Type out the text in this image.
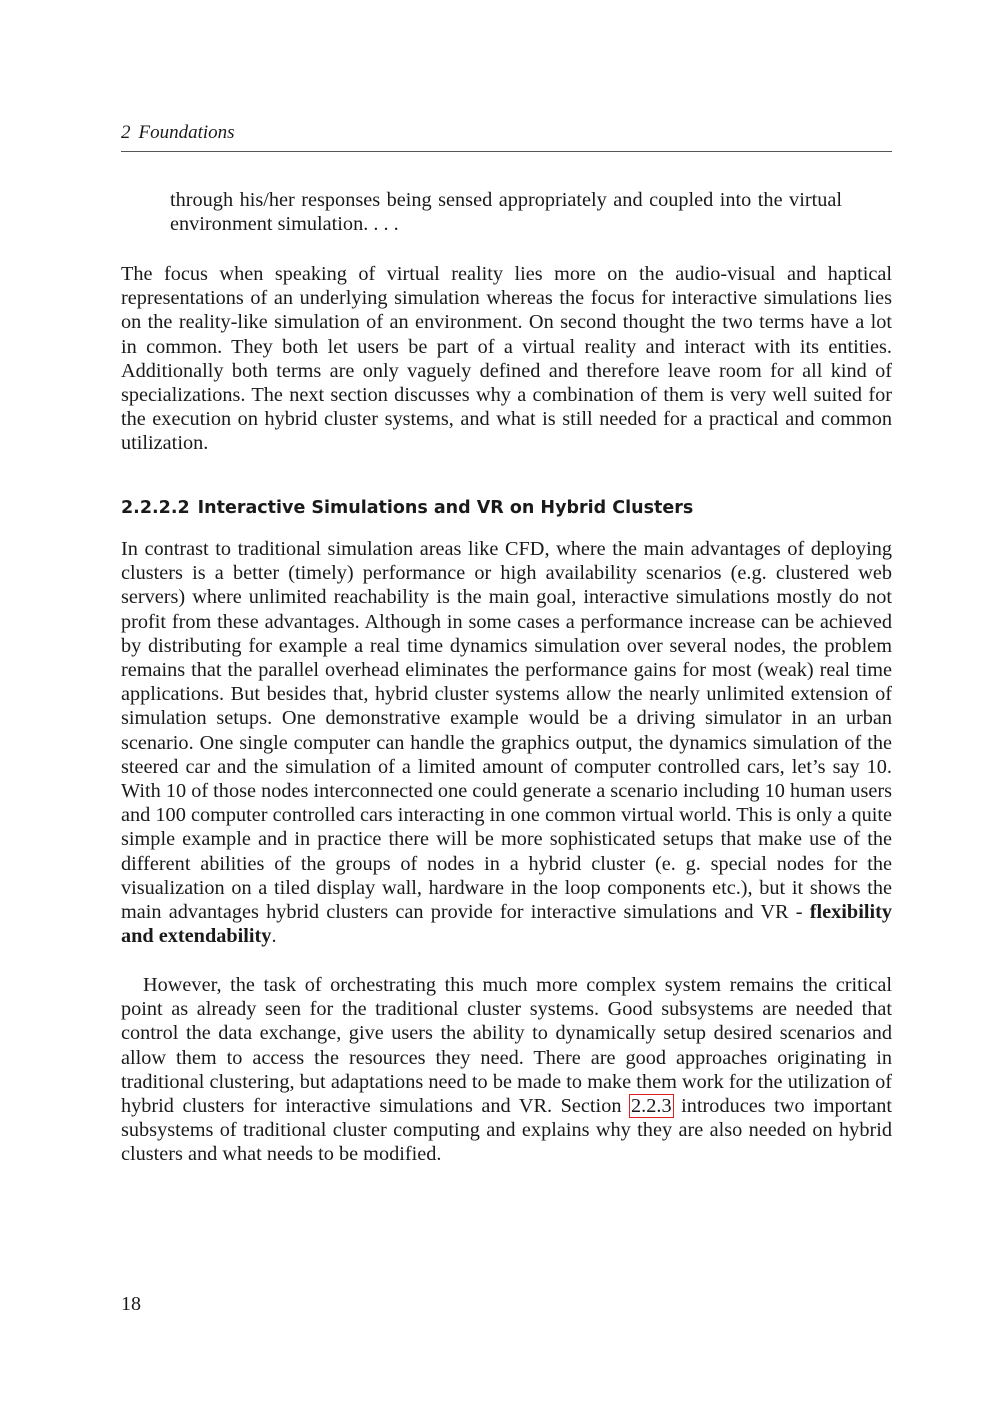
2 Foundations

through his/her responses being sensed appropriately and coupled into the virtual environment simulation. . . .

The focus when speaking of virtual reality lies more on the audio-visual and haptical representations of an underlying simulation whereas the focus for interactive simulations lies on the reality-like simulation of an environment. On second thought the two terms have a lot in common. They both let users be part of a virtual reality and interact with its entities. Additionally both terms are only vaguely defined and therefore leave room for all kind of specializations. The next section discusses why a combination of them is very well suited for the execution on hybrid cluster systems, and what is still needed for a practical and common utilization.

2.2.2.2 Interactive Simulations and VR on Hybrid Clusters

In contrast to traditional simulation areas like CFD, where the main advantages of deploying clusters is a better (timely) performance or high availability scenarios (e.g. clustered web servers) where unlimited reachability is the main goal, interactive simulations mostly do not profit from these advantages. Although in some cases a performance increase can be achieved by distributing for example a real time dynamics simulation over several nodes, the problem remains that the parallel overhead eliminates the performance gains for most (weak) real time applications. But besides that, hybrid cluster systems allow the nearly unlimited extension of simulation setups. One demonstrative example would be a driving simulator in an urban scenario. One single computer can handle the graphics output, the dynamics simulation of the steered car and the simulation of a limited amount of computer controlled cars, let’s say 10. With 10 of those nodes interconnected one could generate a scenario including 10 human users and 100 computer controlled cars interacting in one common virtual world. This is only a quite simple example and in practice there will be more sophisticated setups that make use of the different abilities of the groups of nodes in a hybrid cluster (e. g. special nodes for the visualization on a tiled display wall, hardware in the loop components etc.), but it shows the main advantages hybrid clusters can provide for interactive simulations and VR - flexibility and extendability.

However, the task of orchestrating this much more complex system remains the critical point as already seen for the traditional cluster systems. Good subsystems are needed that control the data exchange, give users the ability to dynamically setup desired scenarios and allow them to access the resources they need. There are good approaches originating in traditional clustering, but adaptations need to be made to make them work for the utilization of hybrid clusters for interactive simulations and VR. Section 2.2.3 introduces two important subsystems of traditional cluster computing and explains why they are also needed on hybrid clusters and what needs to be modified.

18
